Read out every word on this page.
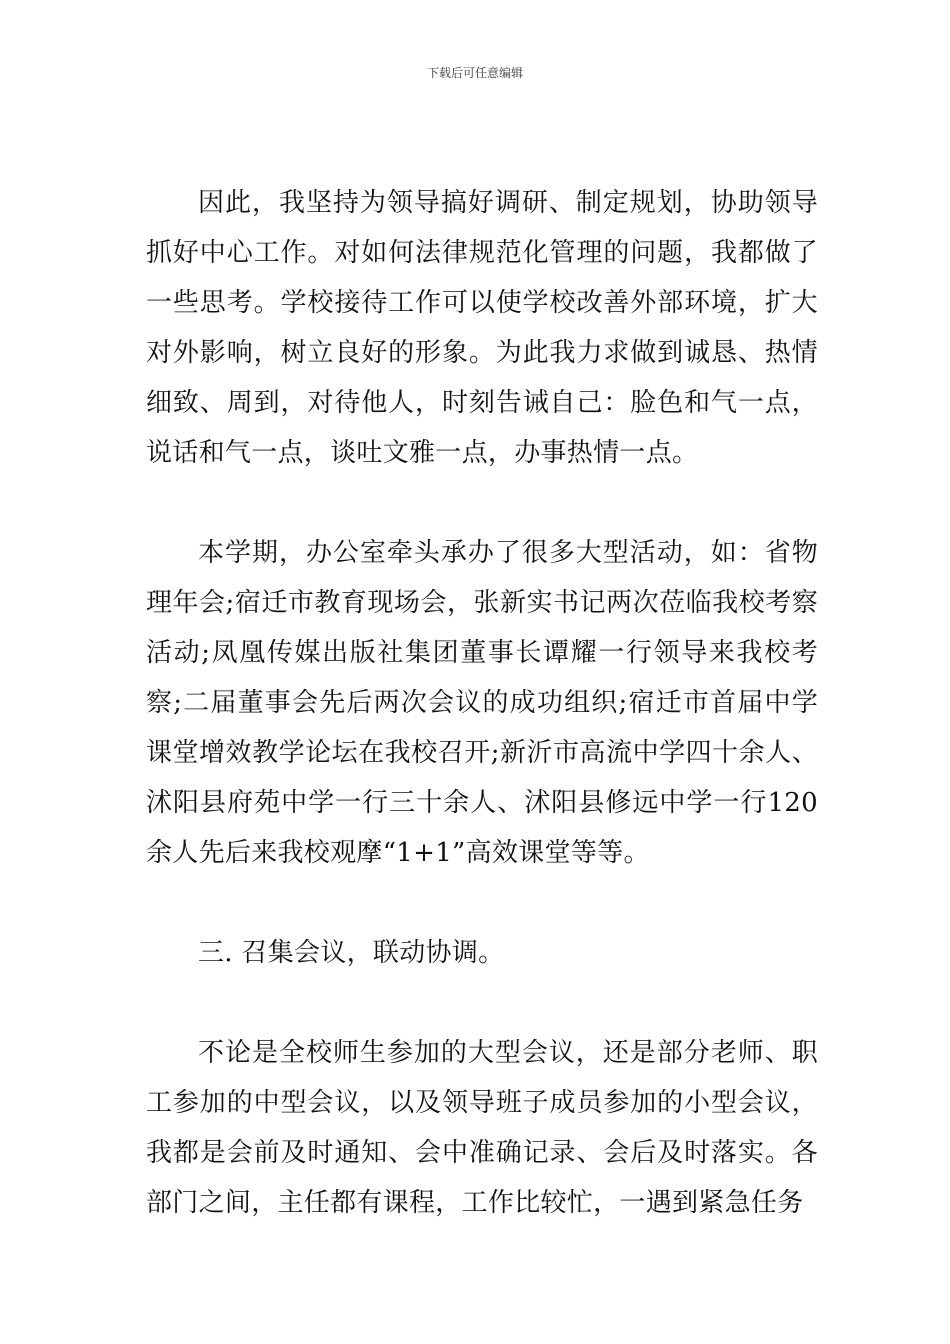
下载后可任意编辑

因此，我坚持为领导搞好调研、制定规划，协助领导抓好中心工作。对如何法律规范化管理的问题，我都做了一些思考。学校接待工作可以使学校改善外部环境，扩大对外影响，树立良好的形象。为此我力求做到诚恳、热情细致、周到，对待他人，时刻告诫自己：脸色和气一点，说话和气一点，谈吐文雅一点，办事热情一点。

本学期，办公室牵头承办了很多大型活动，如：省物理年会;宿迁市教育现场会，张新实书记两次莅临我校考察活动;凤凰传媒出版社集团董事长谭耀一行领导来我校考察;二届董事会先后两次会议的成功组织;宿迁市首届中学课堂增效教学论坛在我校召开;新沂市高流中学四十余人、沭阳县府苑中学一行三十余人、沭阳县修远中学一行120余人先后来我校观摩“1+1”高效课堂等等。

三. 召集会议，联动协调。

不论是全校师生参加的大型会议，还是部分老师、职工参加的中型会议，以及领导班子成员参加的小型会议，我都是会前及时通知、会中准确记录、会后及时落实。各部门之间，主任都有课程，工作比较忙，一遇到紧急任务
